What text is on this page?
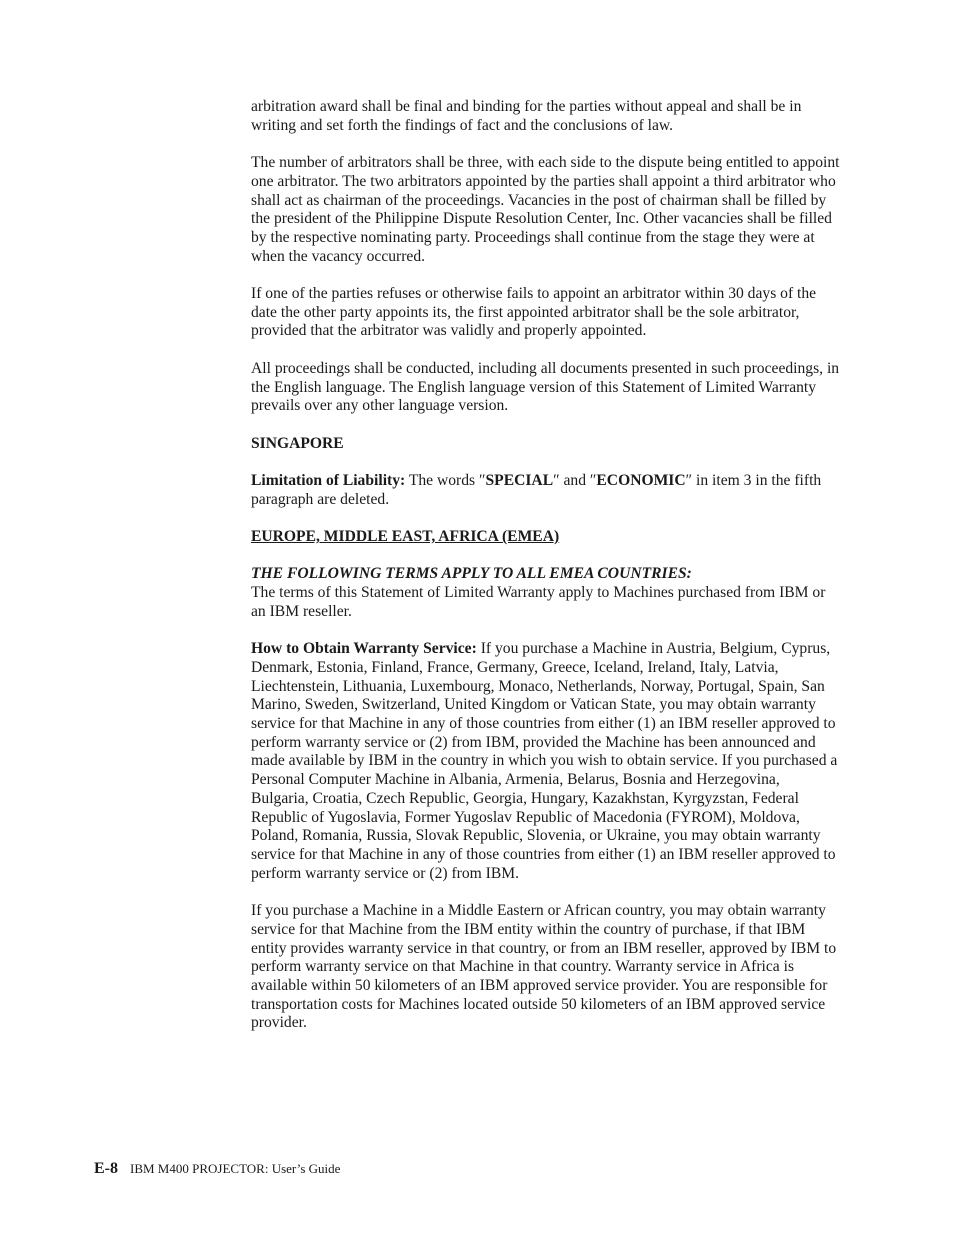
arbitration award shall be final and binding for the parties without appeal and shall be in writing and set forth the findings of fact and the conclusions of law.

The number of arbitrators shall be three, with each side to the dispute being entitled to appoint one arbitrator. The two arbitrators appointed by the parties shall appoint a third arbitrator who shall act as chairman of the proceedings. Vacancies in the post of chairman shall be filled by the president of the Philippine Dispute Resolution Center, Inc. Other vacancies shall be filled by the respective nominating party. Proceedings shall continue from the stage they were at when the vacancy occurred.

If one of the parties refuses or otherwise fails to appoint an arbitrator within 30 days of the date the other party appoints its, the first appointed arbitrator shall be the sole arbitrator, provided that the arbitrator was validly and properly appointed.

All proceedings shall be conducted, including all documents presented in such proceedings, in the English language. The English language version of this Statement of Limited Warranty prevails over any other language version.

SINGAPORE

Limitation of Liability: The words ″SPECIAL″ and ″ECONOMIC″ in item 3 in the fifth paragraph are deleted.

EUROPE, MIDDLE EAST, AFRICA (EMEA)
THE FOLLOWING TERMS APPLY TO ALL EMEA COUNTRIES:

The terms of this Statement of Limited Warranty apply to Machines purchased from IBM or an IBM reseller.

How to Obtain Warranty Service: If you purchase a Machine in Austria, Belgium, Cyprus, Denmark, Estonia, Finland, France, Germany, Greece, Iceland, Ireland, Italy, Latvia, Liechtenstein, Lithuania, Luxembourg, Monaco, Netherlands, Norway, Portugal, Spain, San Marino, Sweden, Switzerland, United Kingdom or Vatican State, you may obtain warranty service for that Machine in any of those countries from either (1) an IBM reseller approved to perform warranty service or (2) from IBM, provided the Machine has been announced and made available by IBM in the country in which you wish to obtain service. If you purchased a Personal Computer Machine in Albania, Armenia, Belarus, Bosnia and Herzegovina, Bulgaria, Croatia, Czech Republic, Georgia, Hungary, Kazakhstan, Kyrgyzstan, Federal Republic of Yugoslavia, Former Yugoslav Republic of Macedonia (FYROM), Moldova, Poland, Romania, Russia, Slovak Republic, Slovenia, or Ukraine, you may obtain warranty service for that Machine in any of those countries from either (1) an IBM reseller approved to perform warranty service or (2) from IBM.

If you purchase a Machine in a Middle Eastern or African country, you may obtain warranty service for that Machine from the IBM entity within the country of purchase, if that IBM entity provides warranty service in that country, or from an IBM reseller, approved by IBM to perform warranty service on that Machine in that country. Warranty service in Africa is available within 50 kilometers of an IBM approved service provider. You are responsible for transportation costs for Machines located outside 50 kilometers of an IBM approved service provider.

E-8 IBM M400 PROJECTOR: User’s Guide
